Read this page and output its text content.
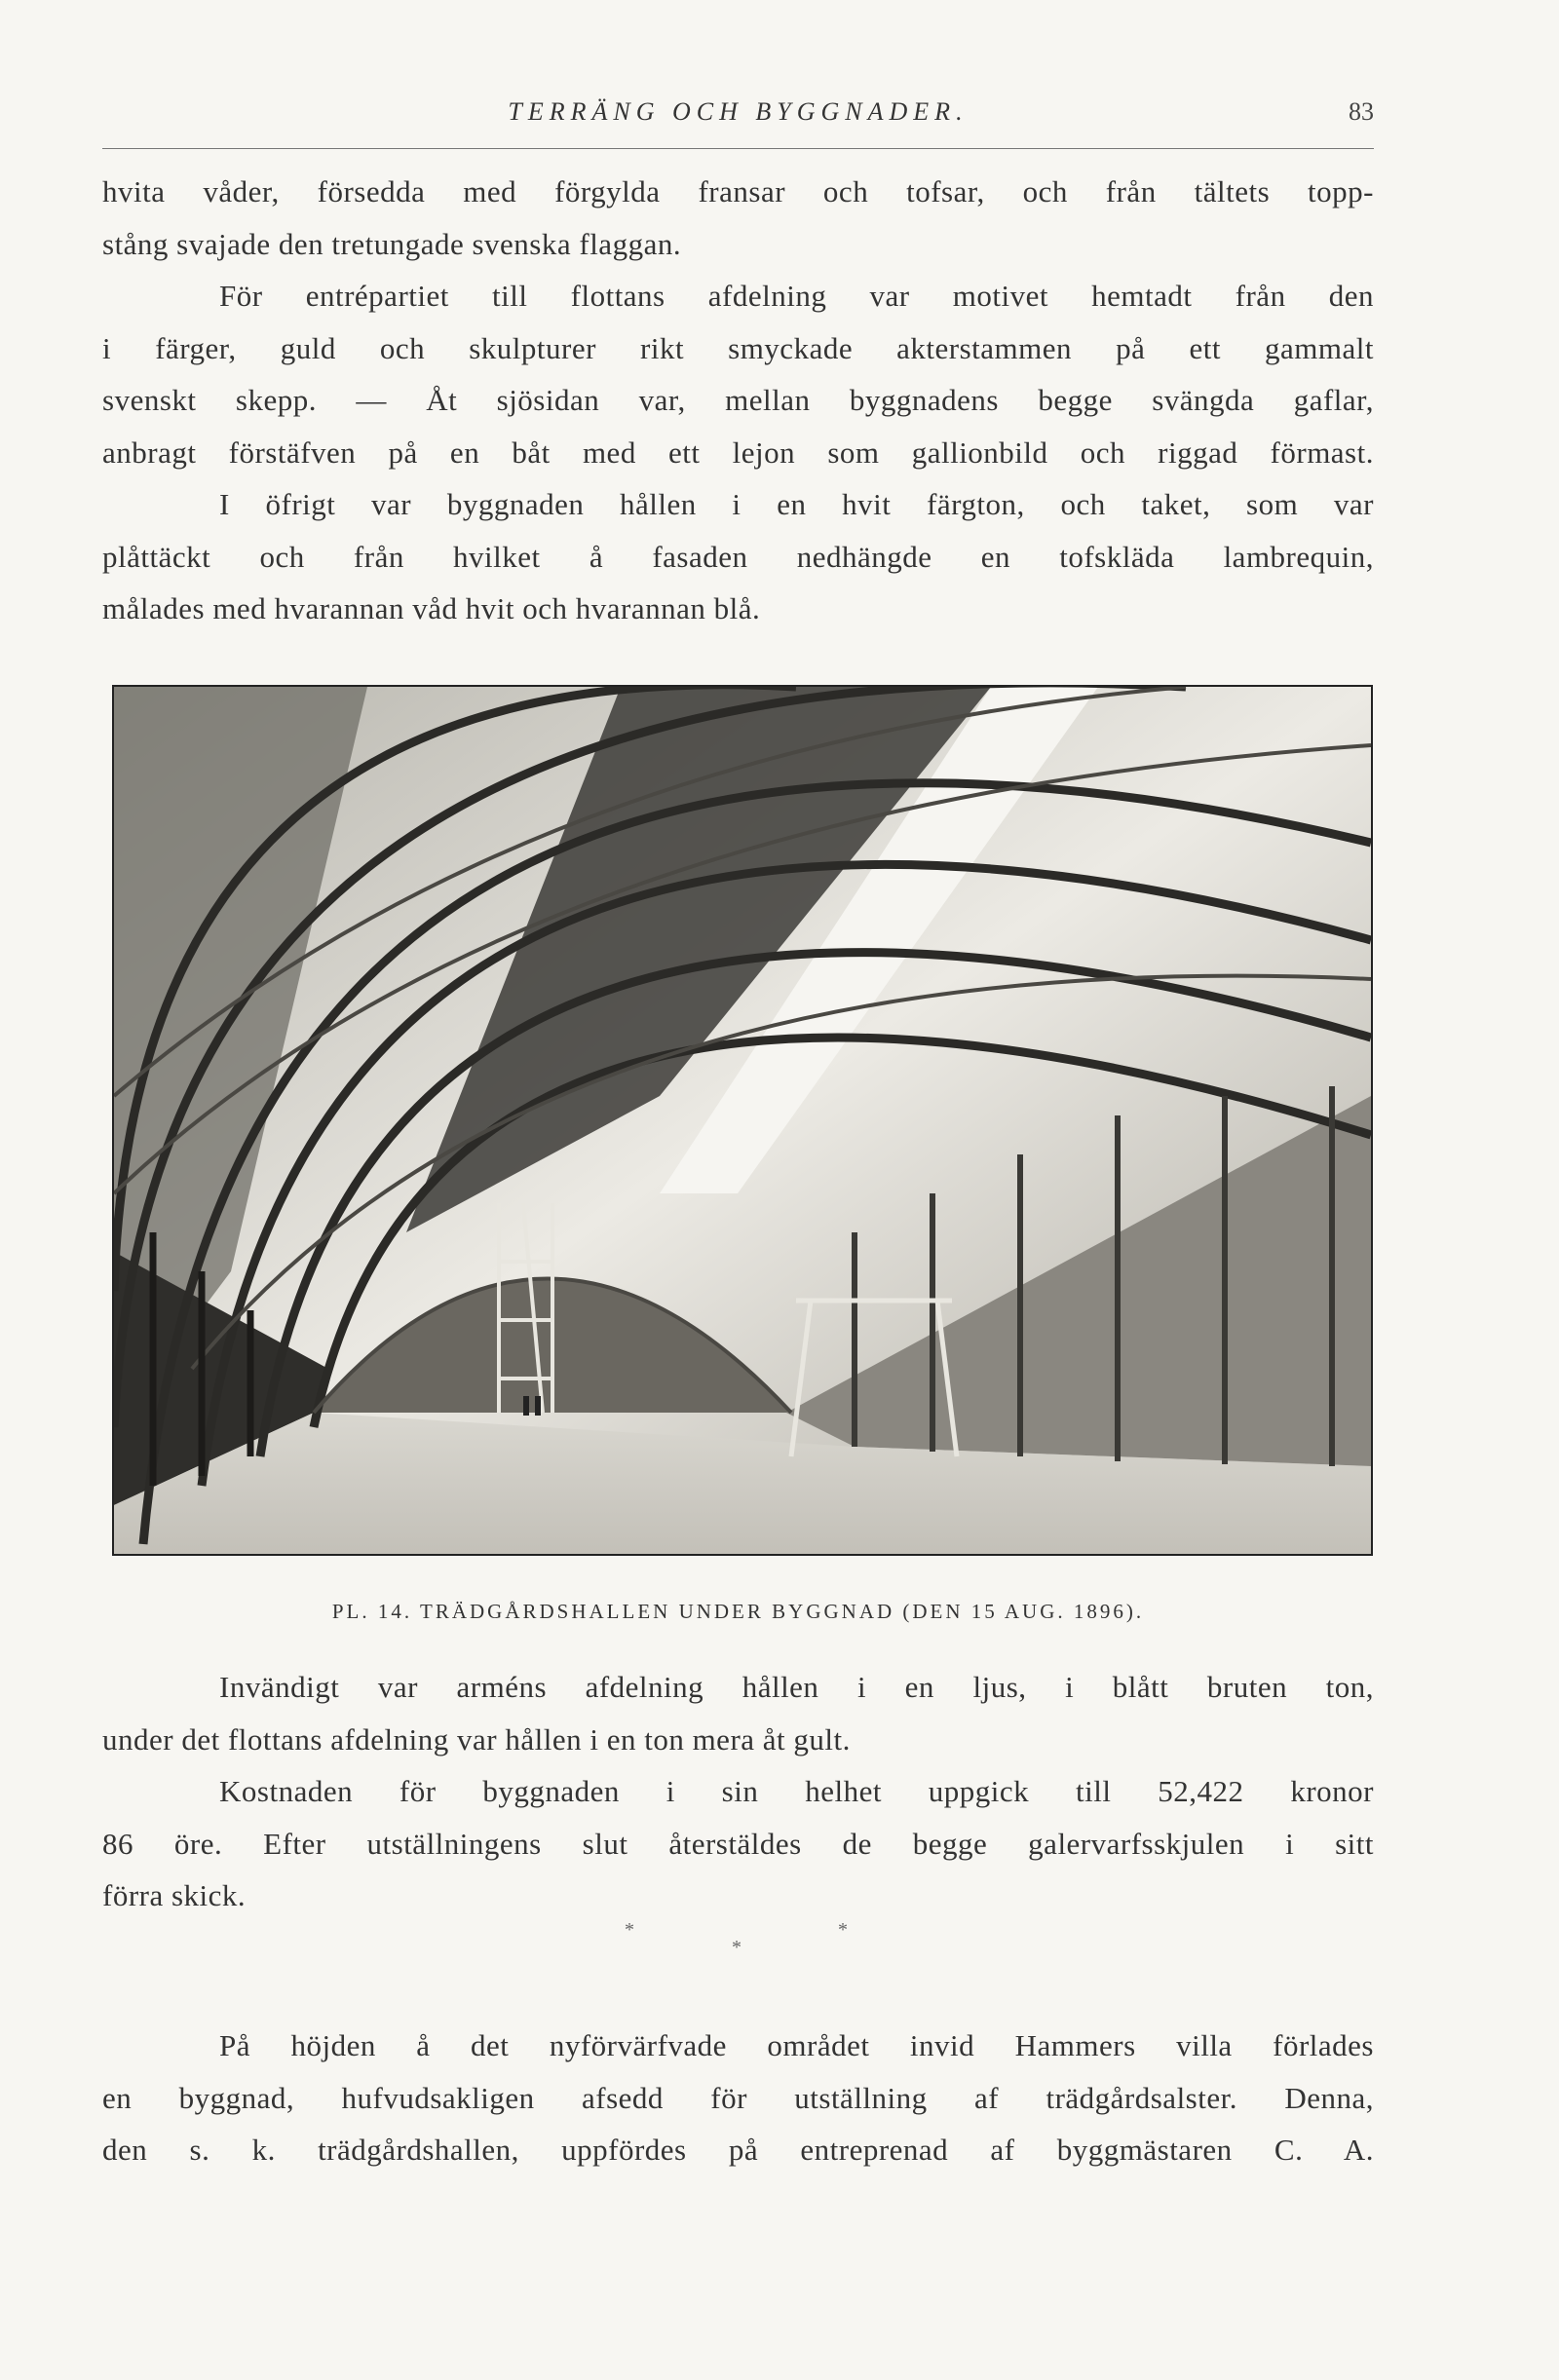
TERRÄNG OCH BYGGNADER.	83
hvita våder, försedda med förgylda fransar och tofsar, och från tältets topp-
stång svajade den tretungade svenska flaggan.
För entrépartiet till flottans afdelning var motivet hemtadt från den
i färger, guld och skulpturer rikt smyckade akterstammen på ett gammalt
svenskt skepp. — Åt sjösidan var, mellan byggnadens begge svängda gaflar,
anbragt förstäfven på en båt med ett lejon som gallionbild och riggad förmast.
I öfrigt var byggnaden hållen i en hvit färgton, och taket, som var
plåttäckt och från hvilket å fasaden nedhängde en tofskläda lambrequin,
målades med hvarannan våd hvit och hvarannan blå.
PL. 14. TRÄDGÅRDSHALLEN UNDER BYGGNAD (DEN 15 AUG. 1896).
Invändigt var arméns afdelning hållen i en ljus, i blått bruten ton,
under det flottans afdelning var hållen i en ton mera åt gult.
Kostnaden för byggnaden i sin helhet uppgick till 52,422 kronor
86 öre. Efter utställningens slut återstäldes de begge galervarfsskjulen i sitt
förra skick.
*
*
*
På höjden å det nyförvärfvade området invid Hammers villa förlades
en byggnad, hufvudsakligen afsedd för utställning af trädgårdsalster. Denna,
den s. k. trädgårdshallen, uppfördes på entreprenad af byggmästaren C. A.
